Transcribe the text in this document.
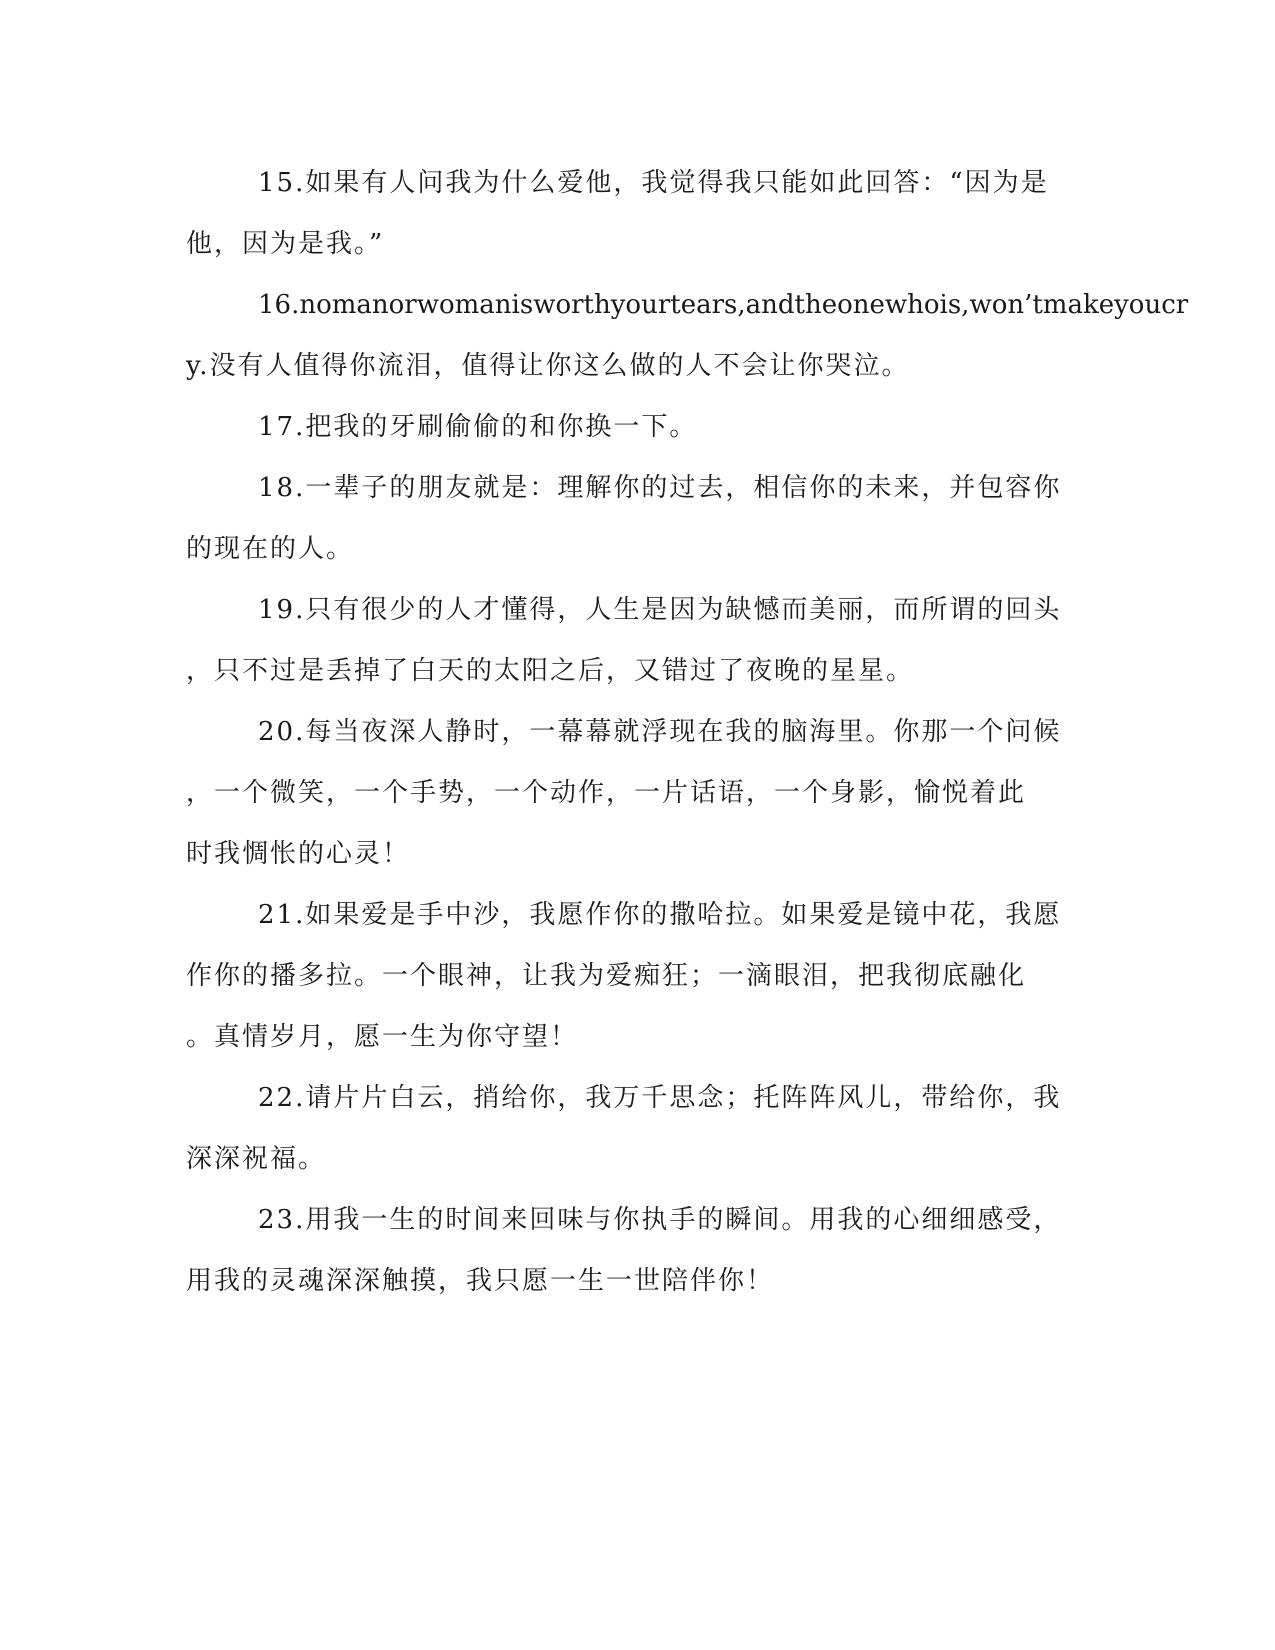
15.如果有人问我为什么爱他，我觉得我只能如此回答：“因为是
他，因为是我。”
16.nomanorwomanisworthyourtears,andtheonewhois,won’tmakeyoucr
y.没有人值得你流泪，值得让你这么做的人不会让你哭泣。
17.把我的牙刷偷偷的和你换一下。
18.一辈子的朋友就是：理解你的过去，相信你的未来，并包容你
的现在的人。
19.只有很少的人才懂得，人生是因为缺憾而美丽，而所谓的回头
，只不过是丢掉了白天的太阳之后，又错过了夜晚的星星。
20.每当夜深人静时，一幕幕就浮现在我的脑海里。你那一个问候
，一个微笑，一个手势，一个动作，一片话语，一个身影，愉悦着此
时我惆怅的心灵！
21.如果爱是手中沙，我愿作你的撒哈拉。如果爱是镜中花，我愿
作你的播多拉。一个眼神，让我为爱痴狂；一滴眼泪，把我彻底融化
。真情岁月，愿一生为你守望！
22.请片片白云，捎给你，我万千思念；托阵阵风儿，带给你，我
深深祝福。
23.用我一生的时间来回味与你执手的瞬间。用我的心细细感受，
用我的灵魂深深触摸，我只愿一生一世陪伴你！
